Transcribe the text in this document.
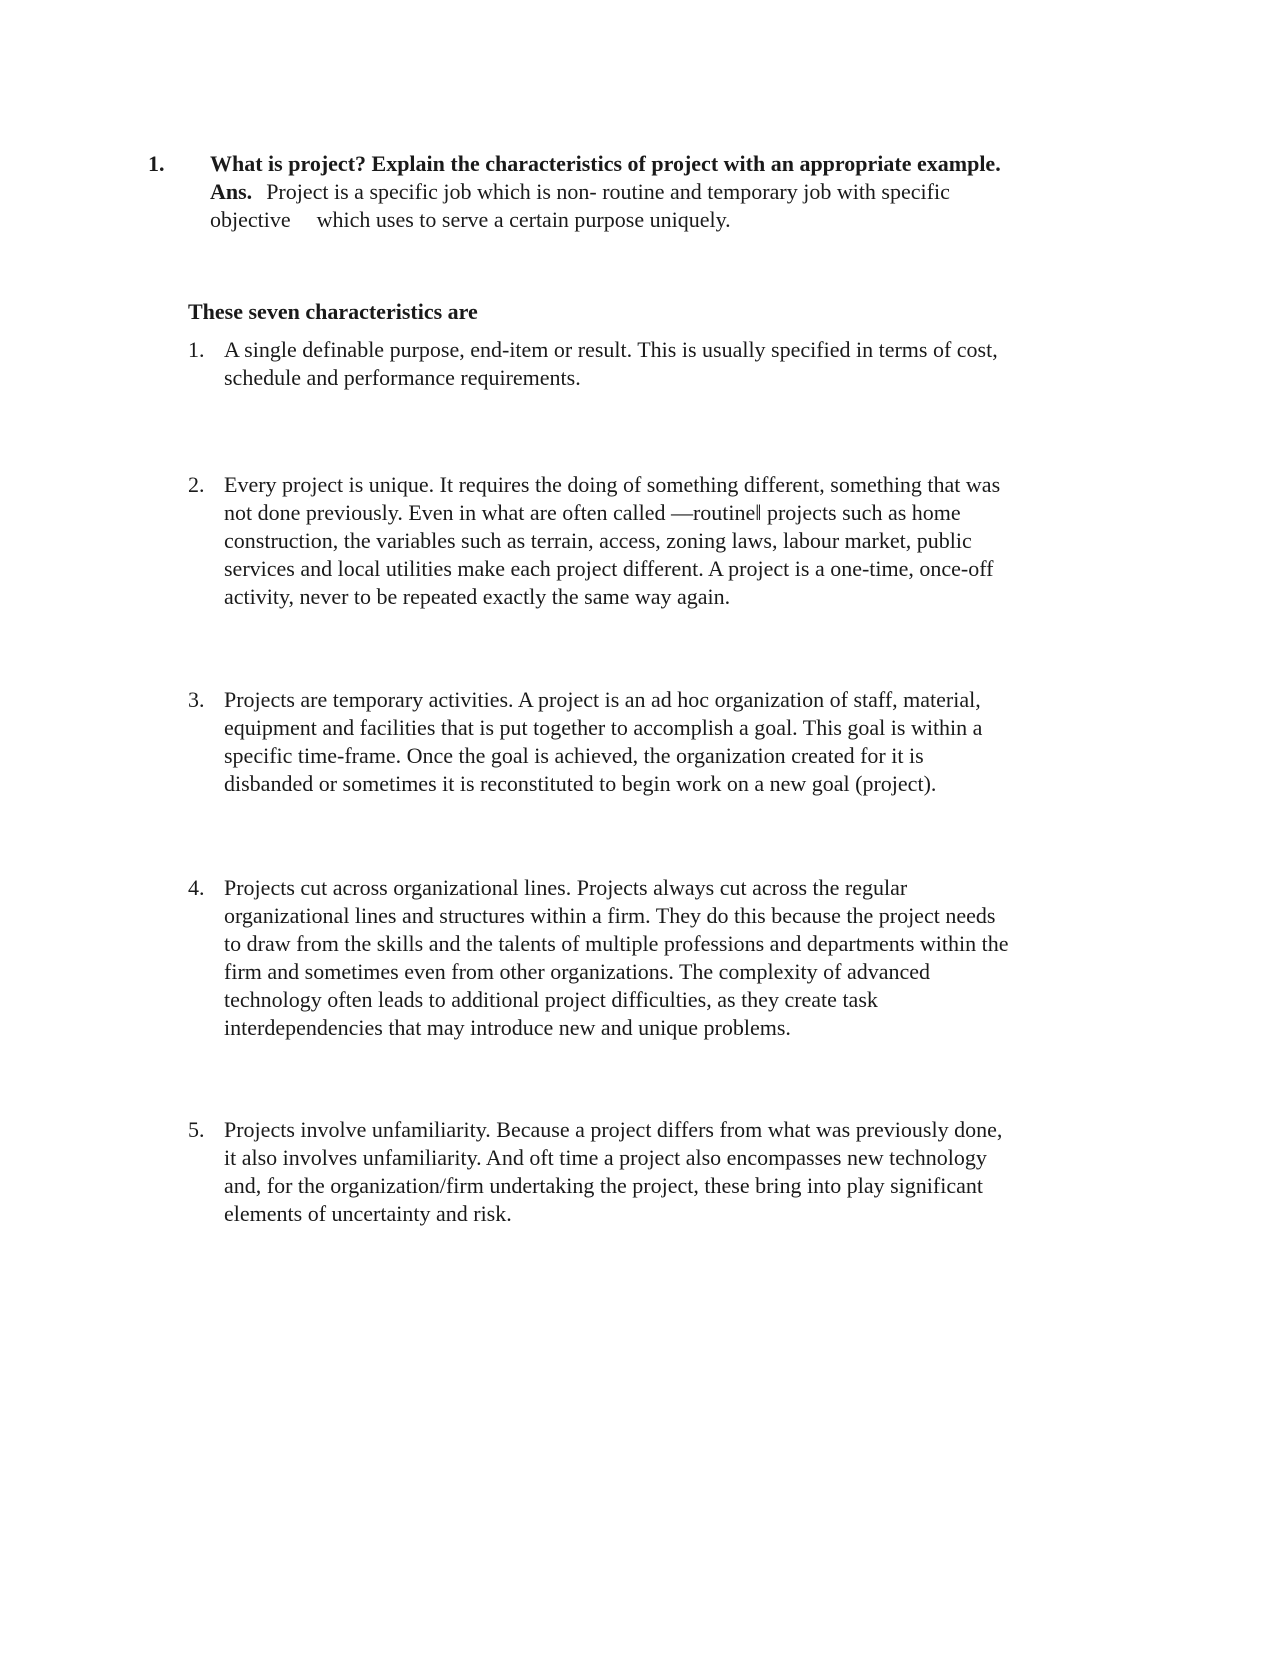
1. What is project? Explain the characteristics of project with an appropriate example.
Ans. Project is a specific job which is non- routine and temporary job with specific
objective which uses to serve a certain purpose uniquely.
These seven characteristics are
1. A single definable purpose, end-item or result. This is usually specified in terms of cost,
schedule and performance requirements.
2. Every project is unique. It requires the doing of something different, something that was
not done previously. Even in what are often called ―routine‖ projects such as home
construction, the variables such as terrain, access, zoning laws, labour market, public
services and local utilities make each project different. A project is a one-time, once-off
activity, never to be repeated exactly the same way again.
3. Projects are temporary activities. A project is an ad hoc organization of staff, material,
equipment and facilities that is put together to accomplish a goal. This goal is within a
specific time-frame. Once the goal is achieved, the organization created for it is
disbanded or sometimes it is reconstituted to begin work on a new goal (project).
4. Projects cut across organizational lines. Projects always cut across the regular
organizational lines and structures within a firm. They do this because the project needs
to draw from the skills and the talents of multiple professions and departments within the
firm and sometimes even from other organizations. The complexity of advanced
technology often leads to additional project difficulties, as they create task
interdependencies that may introduce new and unique problems.
5. Projects involve unfamiliarity. Because a project differs from what was previously done,
it also involves unfamiliarity. And oft time a project also encompasses new technology
and, for the organization/firm undertaking the project, these bring into play significant
elements of uncertainty and risk.
